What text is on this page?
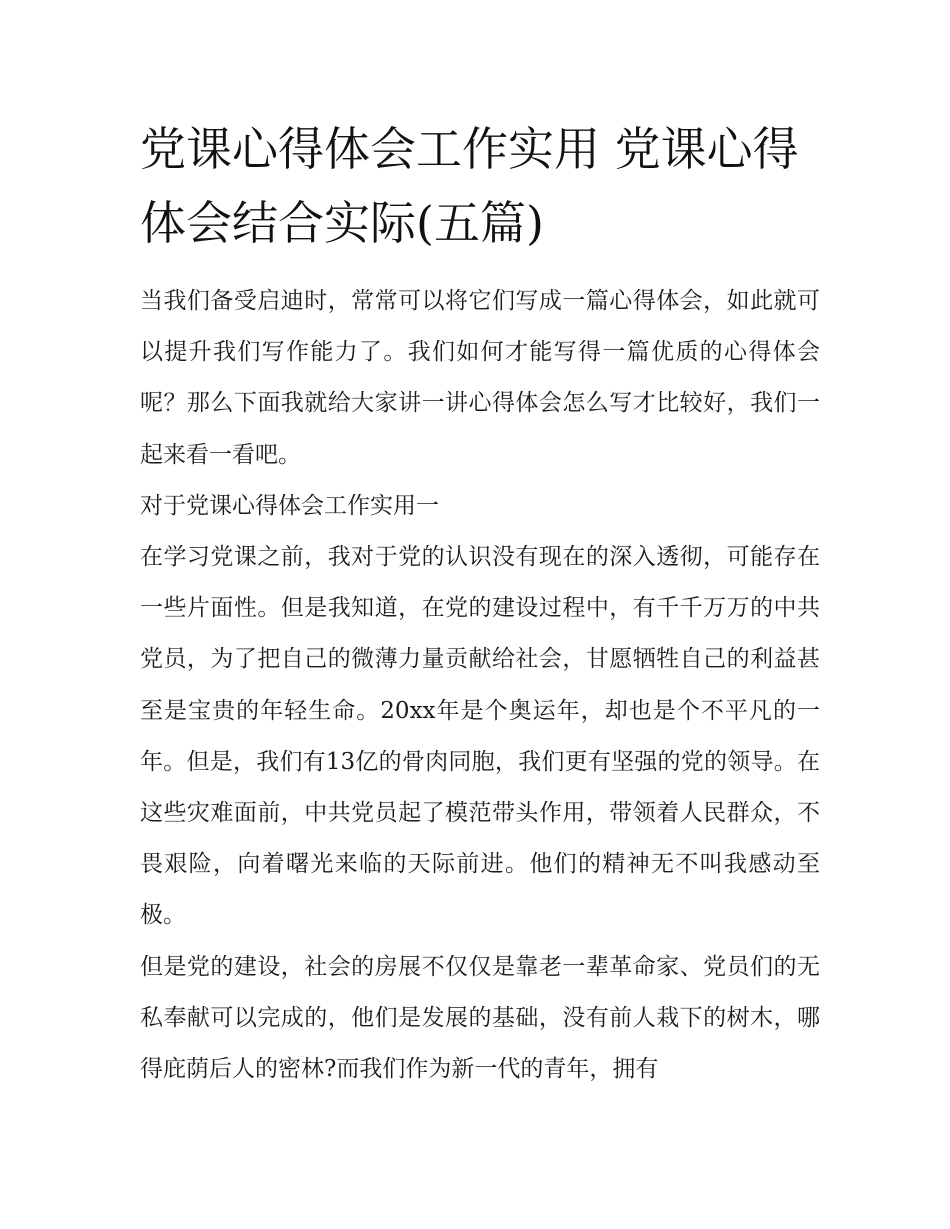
党课心得体会工作实用 党课心得体会结合实际(五篇)

当我们备受启迪时，常常可以将它们写成一篇心得体会，如此就可以提升我们写作能力了。我们如何才能写得一篇优质的心得体会呢？那么下面我就给大家讲一讲心得体会怎么写才比较好，我们一起来看一看吧。

对于党课心得体会工作实用一

在学习党课之前，我对于党的认识没有现在的深入透彻，可能存在一些片面性。但是我知道，在党的建设过程中，有千千万万的中共党员，为了把自己的微薄力量贡献给社会，甘愿牺牲自己的利益甚至是宝贵的年轻生命。20xx年是个奥运年，却也是个不平凡的一年。但是，我们有13亿的骨肉同胞，我们更有坚强的党的领导。在这些灾难面前，中共党员起了模范带头作用，带领着人民群众，不畏艰险，向着曙光来临的天际前进。他们的精神无不叫我感动至极。

但是党的建设，社会的房展不仅仅是靠老一辈革命家、党员们的无私奉献可以完成的，他们是发展的基础，没有前人栽下的树木，哪得庇荫后人的密林?而我们作为新一代的青年，拥有
